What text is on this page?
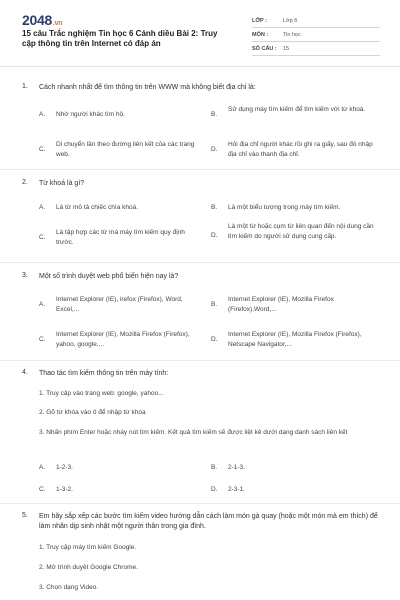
2048.vn
15 câu Trắc nghiệm Tin học 6 Cánh diều Bài 2: Truy cập thông tin trên Internet có đáp án
LỚP :	Lớp 6
MÔN :	Tin học
SỐ CÂU :	15
1. Cách nhanh nhất để tìm thông tin trên WWW mà không biết địa chỉ là:
A. Nhờ người khác tìm hộ.	B.
Sử dụng máy tìm kiếm để tìm kiếm với từ khoá.
C.
Di chuyển lần theo đường liên kết của các trang web.
D.
Hỏi địa chỉ người khác rồi ghi ra giấy, sau đó nhập địa chỉ vào thanh địa chỉ.
2. Từ khoá là gì?
A. Là từ mô tả chiếc chìa khoá.	B. Là một biểu tượng trong máy tìm kiếm.
C.
Là tập hợp các từ mà máy tìm kiếm quy định trước.
D.
Là một từ hoặc cụm từ liên quan đến nội dung cần tìm kiếm do người sử dụng cung cấp.
3. Một số trình duyệt web phổ biến hiện nay là?
A.
Internet Explorer (IE), irefox (Firefox), Word, Excel,...
B.
Internet Explorer (IE), Mozilla Firefox (Firefox),Word,...
C.
Internet Explorer (IE), Mozilla Firefox (Firefox), yahoo, google,...
D.
Internet Explorer (IE), Mozilla Firefox (Firefox), Netscape Navigator,...
4. Thao tác tìm kiếm thông tin trên máy tính:
1. Truy cập vào trang web: google, yahoo...
2. Gõ từ khóa vào ô để nhập từ khóa
3. Nhấn phím Enter hoặc nháy nút tìm kiếm. Kết quả tìm kiếm sẽ được liệt kê dưới dạng danh sách liên kết
A. 1-2-3.	B. 2-1-3.
C. 1-3-2.	D. 2-3-1.
5. Em hãy sắp xếp các bước tìm kiếm video hướng dẫn cách làm món gà quay (hoặc một món mà em thích) để làm nhân dịp sinh nhật một người thân trong gia đình.
1. Truy cập máy tìm kiếm Google.
2. Mở trình duyệt Google Chrome.
3. Chọn dạng Video.
